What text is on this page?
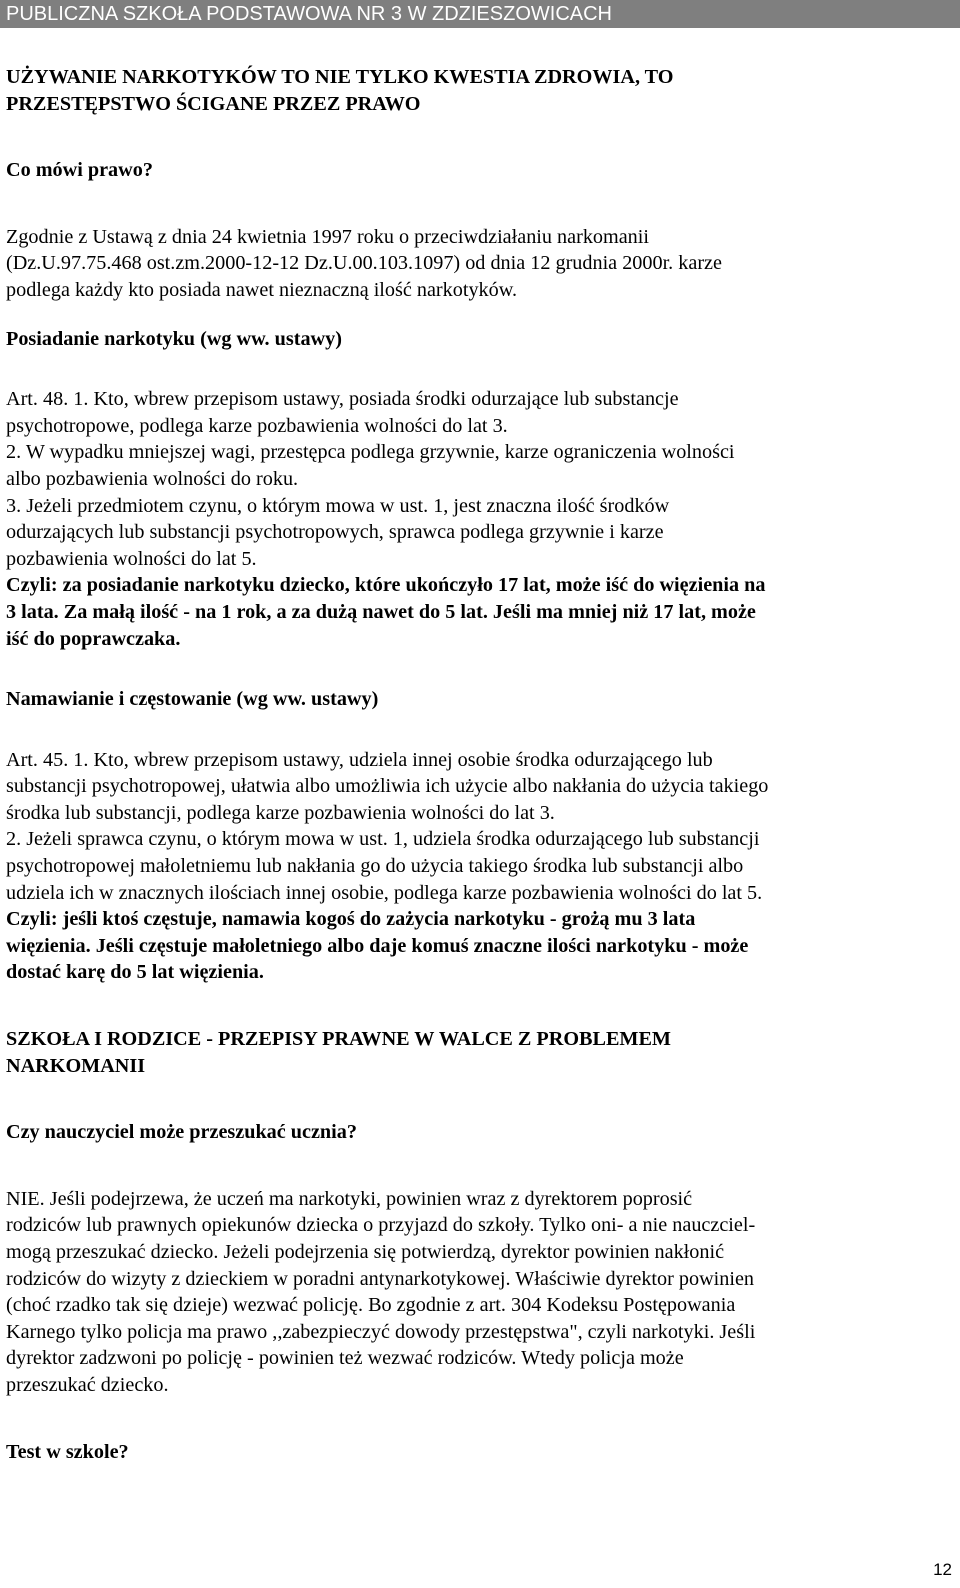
PUBLICZNA SZKOŁA PODSTAWOWA NR 3 W ZDZIESZOWICACH

UŻYWANIE NARKOTYKÓW TO NIE TYLKO KWESTIA ZDROWIA, TO

PRZESTĘPSTWO ŚCIGANE PRZEZ PRAWO

Co mówi prawo?

Zgodnie z Ustawą z dnia 24 kwietnia 1997 roku o przeciwdziałaniu narkomanii

(Dz.U.97.75.468 ost.zm.2000-12-12 Dz.U.00.103.1097) od dnia 12 grudnia 2000r. karze

podlega każdy kto posiada nawet nieznaczną ilość narkotyków.

Posiadanie narkotyku (wg ww. ustawy)

Art. 48. 1. Kto, wbrew przepisom ustawy, posiada środki odurzające lub substancje

psychotropowe, podlega karze pozbawienia wolności do lat 3.

2. W wypadku mniejszej wagi, przestępca podlega grzywnie, karze ograniczenia wolności

albo pozbawienia wolności do roku.

3. Jeżeli przedmiotem czynu, o którym mowa w ust. 1, jest znaczna ilość środków

odurzających lub substancji psychotropowych, sprawca podlega grzywnie i karze

pozbawienia wolności do lat 5.

Czyli: za posiadanie narkotyku dziecko, które ukończyło 17 lat, może iść do więzienia na

3 lata. Za małą ilość - na 1 rok, a za dużą nawet do 5 lat. Jeśli ma mniej niż 17 lat, może

iść do poprawczaka.

Namawianie i częstowanie (wg ww. ustawy)

Art. 45. 1. Kto, wbrew przepisom ustawy, udziela innej osobie środka odurzającego lub

substancji psychotropowej, ułatwia albo umożliwia ich użycie albo nakłania do użycia takiego

środka lub substancji, podlega karze pozbawienia wolności do lat 3.

2. Jeżeli sprawca czynu, o którym mowa w ust. 1, udziela środka odurzającego lub substancji

psychotropowej małoletniemu lub nakłania go do użycia takiego środka lub substancji albo

udziela ich w znacznych ilościach innej osobie, podlega karze pozbawienia wolności do lat 5.

Czyli: jeśli ktoś częstuje, namawia kogoś do zażycia narkotyku - grożą mu 3 lata

więzienia. Jeśli częstuje małoletniego albo daje komuś znaczne ilości narkotyku - może

dostać karę do 5 lat więzienia.

SZKOŁA I RODZICE - PRZEPISY PRAWNE W WALCE Z PROBLEMEM

NARKOMANII

Czy nauczyciel może przeszukać ucznia?

NIE. Jeśli podejrzewa, że uczeń ma narkotyki, powinien wraz z dyrektorem poprosić

rodziców lub prawnych opiekunów dziecka o przyjazd do szkoły. Tylko oni- a nie nauczciel-

mogą przeszukać dziecko. Jeżeli podejrzenia się potwierdzą, dyrektor powinien nakłonić

rodziców do wizyty z dzieckiem w poradni antynarkotykowej. Właściwie dyrektor powinien

(choć rzadko tak się dzieje) wezwać policję. Bo zgodnie z art. 304 Kodeksu Postępowania

Karnego tylko policja ma prawo ,,zabezpieczyć dowody przestępstwa", czyli narkotyki. Jeśli

dyrektor zadzwoni po policję - powinien też wezwać rodziców. Wtedy policja może

przeszukać dziecko.

Test w szkole?

12
